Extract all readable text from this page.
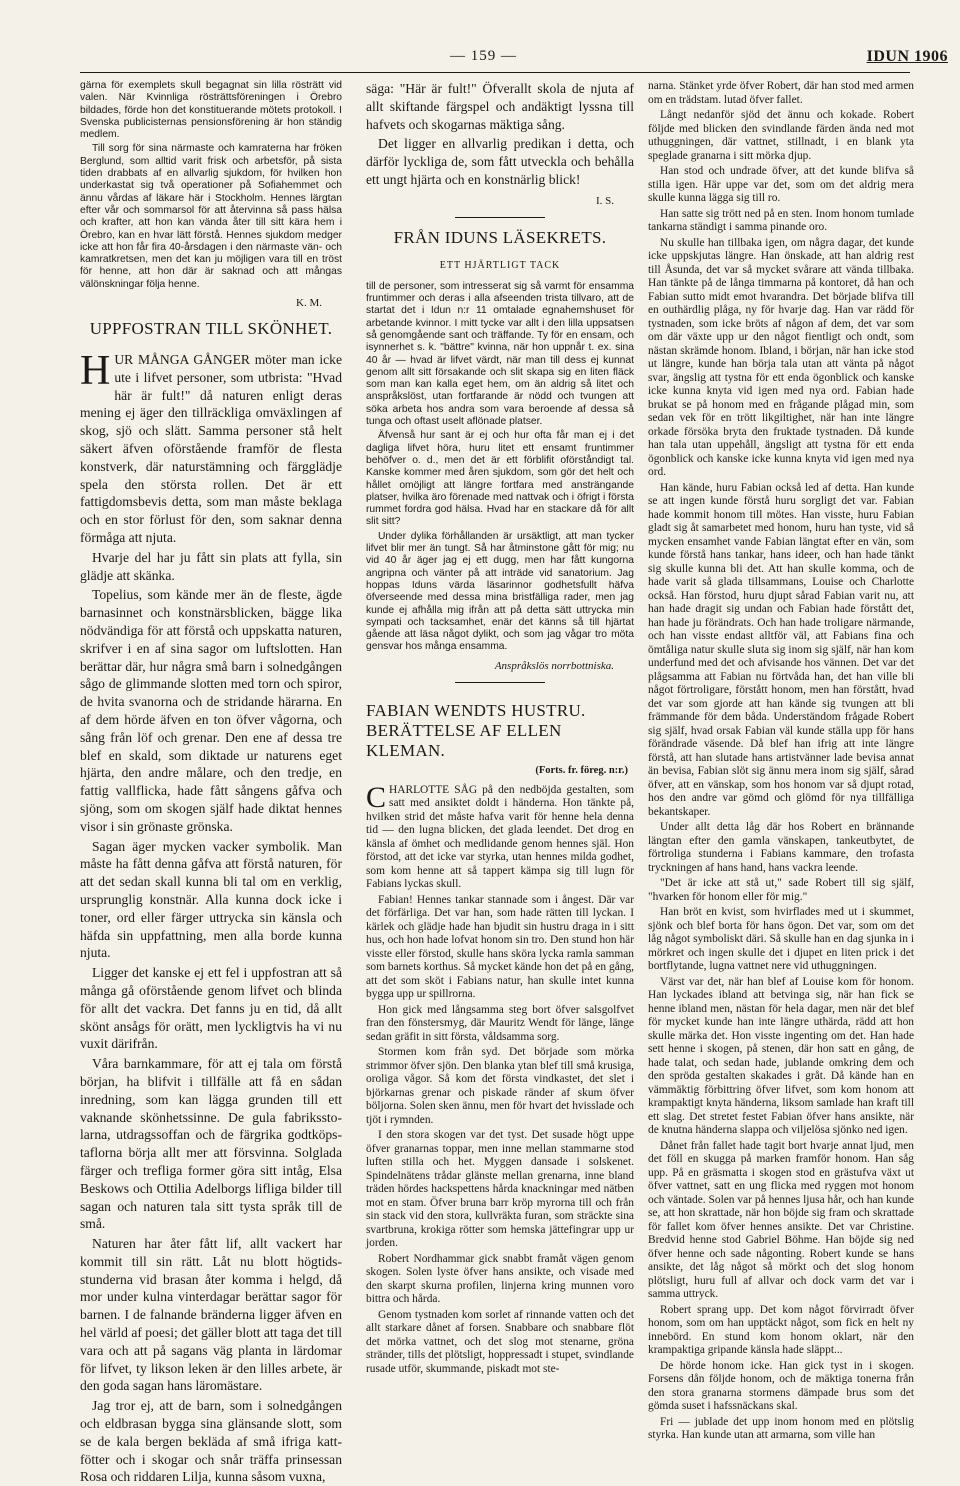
— 159 —	IDUN 1906

gärna för exemplets skull begagnat sin lilla rösträtt vid valen. När Kvinnliga rösträttsföreningen i Örebro bildades, förde hon det konstituerande mötets protokoll. I Svenska publicisternas pensionsförening är hon ständig medlem.

Till sorg för sina närmaste och kamraterna har fröken Berglund, som alltid varit frisk och arbetsför, på sista tiden drabbats af en allvarlig sjukdom, för hvilken hon underkastat sig två operationer på Sofiahemmet och ännu vårdas af läkare här i Stockholm. Hennes lärgtan efter vår och sommarsol för att återvinna så pass hälsa och krafter, att hon kan vända åter till sitt kära hem i Örebro, kan en hvar lätt förstå. Hennes sjukdom medger icke att hon får fira 40-årsdagen i den närmaste vän- och kamratkretsen, men det kan ju möjligen vara till en tröst för henne, att hon där är saknad och att mångas välönskningar följa henne.

K. M.
UPPFOSTRAN TILL SKÖNHET.

HUR MÅNGA GÅNGER möter man icke ute i lifvet personer, som utbrista: "Hvad här är fult!" då naturen enligt deras mening ej äger den tillräckliga omväxlingen af skog, sjö och slätt. Samma personer stå helt säkert äfven oförstående framför de flesta konstverk, där naturstämning och färgglädje spela den största rollen. Det är ett fattigdomsbevis detta, som man måste beklaga och en stor förlust för den, som saknar denna förmåga att njuta.

Hvarje del har ju fått sin plats att fylla, sin glädje att skänka.

Topelius, som kände mer än de fleste, ägde barnasinnet och konstnärsblicken, bägge lika nödvändiga för att förstå och uppskatta naturen, skrifver i en af sina sagor om luftslotten. Han berättar där, hur några små barn i solnedgången sågo de glimmande slotten med torn och spiror, de hvita svanorna och de stridande härarna. En af dem hörde äfven en ton öfver vågorna, och sång från löf och grenar. Den ene af dessa tre blef en skald, som diktade ur naturens eget hjärta, den andre målare, och den tredje, en fattig vallflicka, hade fått sångens gåfva och sjöng, som om skogen själf hade diktat hennes visor i sin grönaste grönska.

Sagan äger mycken vacker symbolik. Man måste ha fått denna gåfva att förstå naturen, för att det sedan skall kunna bli tal om en verklig, ursprunglig konstnär. Alla kunna dock icke i toner, ord eller färger uttrycka sin känsla och häfda sin uppfattning, men alla borde kunna njuta.

Ligger det kanske ej ett fel i uppfostran att så många gå oförstående genom lifvet och blinda för allt det vackra. Det fanns ju en tid, då allt skönt ansågs för orätt, men lyckligtvis ha vi nu vuxit därifrån.

Våra barnkammare, för att ej tala om förstå början, ha blifvit i tillfälle att få en sådan inredning, som kan lägga grunden till ett vaknande skönhetssinne. De gula fabriksstolarna, utdragssoffan och de färgrika godtköpstaflorna börja allt mer att försvinna. Solglada färger och trefliga former göra sitt intåg, Elsa Beskows och Ottilia Adelborgs lifliga bilder till sagan och naturen tala sitt tysta språk till de små.

Naturen har åter fått lif, allt vackert har kommit till sin rätt. Låt nu blott högtidsstunderna vid brasan åter komma i helgd, då mor under kulna vinterdagar berättar sagor för barnen. I de falnande bränderna ligger äfven en hel värld af poesi; det gäller blott att taga det till vara och att på sagans väg planta in lärdomar för lifvet, ty likson leken är den lilles arbete, är den goda sagan hans läromästare.

Jag tror ej, att de barn, som i solnedgången och eldbrasan bygga sina glänsande slott, som se de kala bergen bekläda af små ifriga kattfötter och i skogar och snår träffa prinsessan Rosa och riddaren Lilja, kunna såsom vuxna,

säga: "Här är fult!" Öfverallt skola de njuta af allt skiftande färgspel och andäktigt lyssna till hafvets och skogarnas mäktiga sång.

Det ligger en allvarlig predikan i detta, och därför lyckliga de, som fått utveckla och behålla ett ungt hjärta och en konstnärlig blick!

I. S.
FRÅN IDUNS LÄSEKRETS.
ETT HJÄRTLIGT TACK

till de personer, som intresserat sig så varmt för ensamma fruntimmer och deras i alla afseenden trista tillvaro, att de startat det i Idun n:r 11 omtalade egnahemshuset för arbetande kvinnor. I mitt tycke var allt i den lilla uppsatsen så genomgående sant och träffande. Ty för en ensam, och isynnerhet s. k. "bättre" kvinna, när hon uppnår t. ex. sina 40 år — hvad är lifvet värdt, när man till dess ej kunnat genom allt sitt försakande och slit skapa sig en liten fläck som man kan kalla eget hem, om än aldrig så litet och anspråkslöst, utan fortfarande är nödd och tvungen att söka arbeta hos andra som vara beroende af dessa så tunga och oftast uselt aflönade platser.

Äfvenså hur sant är ej och hur ofta får man ej i det dagliga lifvet höra, huru litet ett ensamt fruntimmer behöfver o. d., men det är ett förblifit oförståndigt tal. Kanske kommer med åren sjukdom, som gör det helt och hållet omöjligt att längre fortfara med ansträngande platser, hvilka äro förenade med nattvak och i öfrigt i första rummet fordra god hälsa. Hvad har en stackare då för allt slit sitt?

Under dylika förhållanden är ursäktligt, att man tycker lifvet blir mer än tungt. Så har åtminstone gått för mig; nu vid 40 år äger jag ej ett dugg, men har fått kungorna angripna och vänter på att inträde vid sanatorium. Jag hoppas Iduns värda läsarinnor godhetsfullt häfva öfverseende med dessa mina bristfälliga rader, men jag kunde ej afhålla mig ifrån att på detta sätt uttrycka min sympati och tacksamhet, enär det känns så till hjärtat gående att läsa något dylikt, och som jag vågar tro möta gensvar hos många ensamma.

Anspråkslös norrbottniska.
FABIAN WENDTS HUSTRU. BERÄTTELSE AF ELLEN KLEMAN.
(Forts. fr. föreg. n:r.)

CHARLOTTE SÅG på den nedböjda gestalten, som satt med ansiktet doldt i händerna. Hon tänkte på, hvilken strid det måste hafva varit för henne hela denna tid — den lugna blicken, det glada leendet. Det drog en känsla af ömhet och medlidande genom hennes själ. Hon förstod, att det icke var styrka, utan hennes milda godhet, som kom henne att så tappert kämpa sig till lugn för Fabians lyckas skull.

Fabian! Hennes tankar stannade som i ångest. Där var det förfärliga. Det var han, som hade rätten till lyckan. I kärlek och glädje hade han bjudit sin hustru draga in i sitt hus, och hon hade lofvat honom sin tro. Den stund hon här visste eller förstod, skulle hans sköra lycka ramla samman som barnets korthus. Så mycket kände hon det på en gång, att det som sköt i Fabians natur, han skulle intet kunna bygga upp ur spillrorna.

Hon gick med långsamma steg bort öfver salsgolfvet fran den fönstersmyg, där Mauritz Wendt för länge, länge sedan gräfit in sitt första, våldsamma sorg.

Stormen kom från syd. Det började som mörka strimmor öfver sjön. Den blanka ytan blef till små krusiga, oroliga vågor. Så kom det första vindkastet, det slet i björkarnas grenar och piskade ränder af skum öfver böljorna. Solen sken ännu, men för hvart det hvisslade och tjöt i rymnden.

I den stora skogen var det tyst. Det susade högt uppe öfver granarnas toppar, men inne mellan stammarne stod luften stilla och het. Myggen dansade i solskenet. Spindelnätens trådar glänste mellan grenarna, inne bland träden hördes hackspettens hårda knackningar med nätben mot en stam. Öfver bruna barr kröp myrorna till och från sin stack vid den stora, kullvräkta furan, som sträckte sina svartbruna, krokiga rötter som hemska jättefingrar upp ur jorden.

Robert Nordhammar gick snabbt framåt vägen genom skogen. Solen lyste öfver hans ansikte, och visade med den skarpt skurna profilen, linjerna kring munnen voro bittra och hårda.

Genom tystnaden kom sorlet af rinnande vatten och det allt starkare dånet af forsen. Snabbare och snabbare flöt det mörka vattnet, och det slog mot stenarne, gröna stränder, tills det plötsligt, hoppressadt i stupet, svindlande rusade utför, skummande, piskadt mot ste-

narna. Stänket yrde öfver Robert, där han stod med armen om en trädstam. lutad öfver fallet.

Långt nedanför sjöd det ännu och kokade. Robert följde med blicken den svindlande färden ända ned mot uthuggningen, där vattnet, stillnadt, i en blank yta speglade granarna i sitt mörka djup.

Han stod och undrade öfver, att det kunde blifva så stilla igen. Här uppe var det, som om det aldrig mera skulle kunna lägga sig till ro.

Han satte sig trött ned på en sten. Inom honom tumlade tankarna ständigt i samma pinande oro.

Nu skulle han tillbaka igen, om några dagar, det kunde icke uppskjutas längre. Han önskade, att han aldrig rest till Åsunda, det var så mycket svårare att vända tillbaka. Han tänkte på de långa timmarna på kontoret, då han och Fabian sutto midt emot hvarandra. Det började blifva till en outhärdlig plåga, ny för hvarje dag. Han var rädd för tystnaden, som icke bröts af någon af dem, det var som om där växte upp ur den något fientligt och ondt, som nästan skrämde honom. Ibland, i början, när han icke stod ut längre, kunde han börja tala utan att vänta på något svar, ängslig att tystna för ett enda ögonblick och kanske icke kunna knyta vid igen med nya ord. Fabian hade brukat se på honom med en frågande plågad min, som sedan vek för en trött likgiltighet, när han inte längre orkade försöka bryta den fruktade tystnaden. Då kunde han tala utan uppehåll, ängsligt att tystna för ett enda ögonblick och kanske icke kunna knyta vid igen med nya ord.

Han kände, huru Fabian också led af detta. Han kunde se att ingen kunde förstå huru sorgligt det var. Fabian hade kommit honom till mötes. Han visste, huru Fabian gladt sig åt samarbetet med honom, huru han tyste, vid så mycken ensamhet vande Fabian längtat efter en vän, som kunde förstå hans tankar, hans ideer, och han hade tänkt sig skulle kunna bli det. Att han skulle komma, och de hade varit så glada tillsammans, Louise och Charlotte också. Han förstod, huru djupt sårad Fabian varit nu, att han hade dragit sig undan och Fabian hade förstått det, han hade ju förändrats. Och han hade troligare närmande, och han visste endast alltför väl, att Fabians fina och ömtåliga natur skulle sluta sig inom sig själf, när han kom underfund med det och afvisande hos vännen. Det var det plågsamma att Fabian nu förtvåda han, det han ville bli något förtroligare, förstått honom, men han förstått, hvad det var som gjorde att han kände sig tvungen att bli främmande för dem båda. Underständom frågade Robert sig själf, hvad orsak Fabian väl kunde ställa upp för hans förändrade väsende. Då blef han ifrig att inte längre förstå, att han slutade hans artistvänner lade bevisa annat än bevisa, Fabian slöt sig ännu mera inom sig själf, sårad öfver, att en vänskap, som hos honom var så djupt rotad, hos den andre var gömd och glömd för nya tillfälliga bekantskaper.

Under allt detta låg där hos Robert en brännande längtan efter den gamla vänskapen, tankeutbytet, de förtroliga stunderna i Fabians kammare, den trofasta tryckningen af hans hand, hans vackra leende.

"Det är icke att stå ut," sade Robert till sig själf, "hvarken för honom eller för mig."

Han bröt en kvist, som hvirflades med ut i skummet, sjönk och blef borta för hans ögon. Det var, som om det låg något symboliskt däri. Så skulle han en dag sjunka in i mörkret och ingen skulle det i djupet en liten prick i det bortflytande, lugna vattnet nere vid uthuggningen.

Värst var det, när han blef af Louise kom för honom. Han lyckades ibland att betvinga sig, när han fick se henne ibland men, nästan för hela dagar, men när det blef för mycket kunde han inte längre uthärda, rädd att hon skulle märka det. Hon visste ingenting om det. Han hade sett henne i skogen, på stenen, där hon satt en gång, de hade talat, och sedan hade, jublande omkring dem och den spröda gestalten skakades i gråt. Då kände han en vämmäktig förbittring öfver lifvet, som kom honom att krampaktigt knyta händerna, liksom samlade han kraft till ett slag. Det stretet festet Fabian öfver hans ansikte, när de knutna händerna slappa och viljelösa sjönko ned igen.

Dånet från fallet hade tagit bort hvarje annat ljud, men det föll en skugga på marken framför honom. Han såg upp. På en gräsmatta i skogen stod en grästufva växt ut öfver vattnet, satt en ung flicka med ryggen mot honom och väntade. Solen var på hennes ljusa hår, och han kunde se, att hon skrattade, när hon böjde sig fram och skrattade för fallet kom öfver hennes ansikte. Det var Christine. Bredvid henne stod Gabriel Böhme. Han böjde sig ned öfver henne och sade någonting. Robert kunde se hans ansikte, det låg något så mörkt och det slog honom plötsligt, huru full af allvar och dock varm det var i samma uttryck.

Robert sprang upp. Det kom något förvirradt öfver honom, som om han upptäckt något, som fick en helt ny innebörd. En stund kom honom oklart, när den krampaktiga gripande känsla hade släppt...

De hörde honom icke. Han gick tyst in i skogen. Forsens dån följde honom, och de mäktiga tonerna från den stora granarna stormens dämpade brus som det gömda suset i hafssnäckans skal.

Fri — jublade det upp inom honom med en plötslig styrka. Han kunde utan att armarna, som ville han
